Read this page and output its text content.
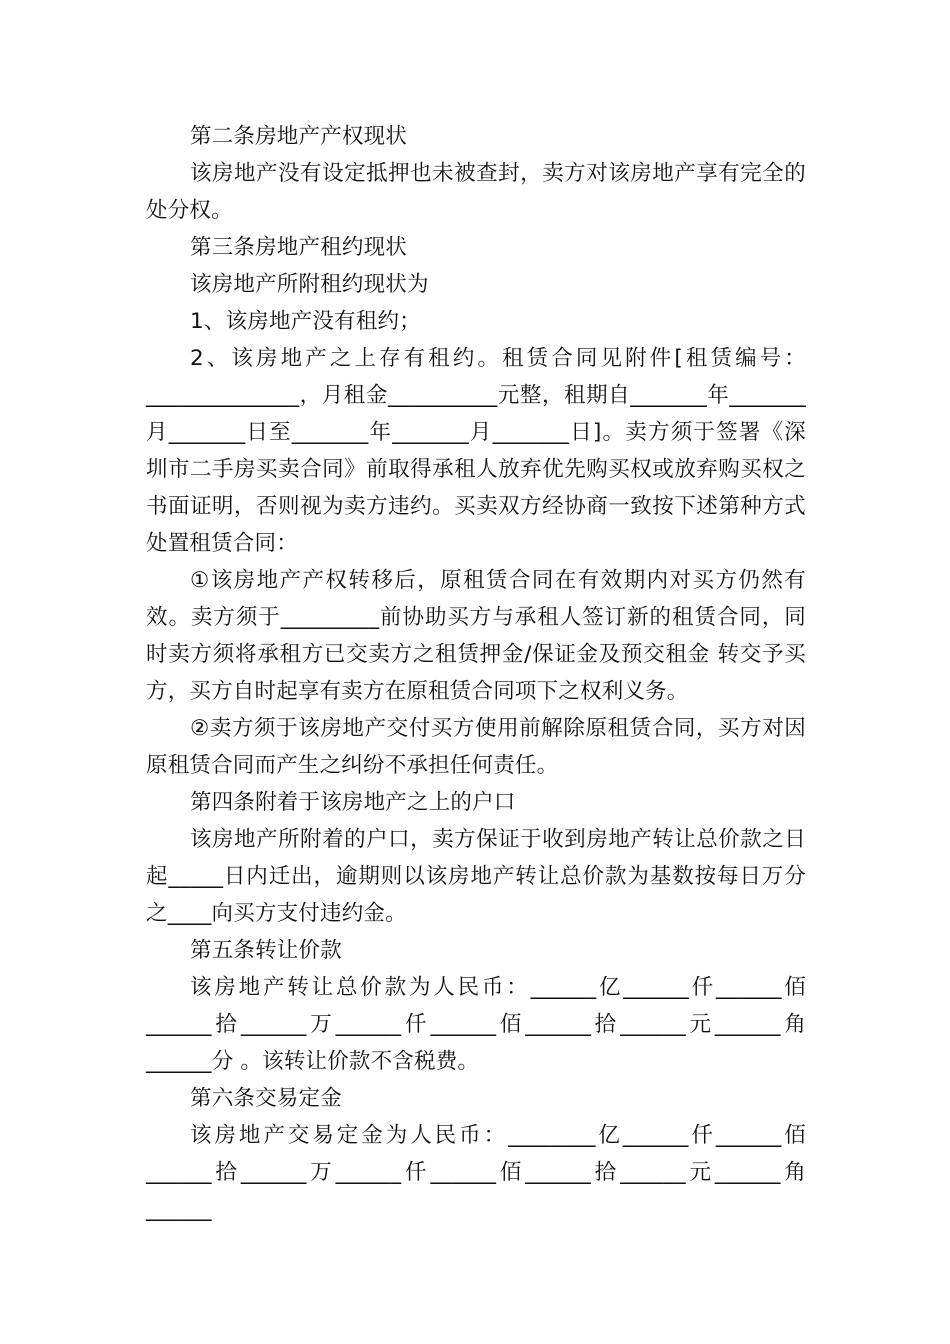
第二条房地产产权现状

该房地产没有设定抵押也未被查封，卖方对该房地产享有完全的处分权。

第三条房地产租约现状

该房地产所附租约现状为

1、该房地产没有租约；

2、该房地产之上存有租约。租赁合同见附件[租赁编号：______________，月租金__________元整，租期自_______年_______月_______日至_______年_______月_______日]。卖方须于签署《深圳市二手房买卖合同》前取得承租人放弃优先购买权或放弃购买权之书面证明，否则视为卖方违约。买卖双方经协商一致按下述第种方式处置租赁合同：

①该房地产产权转移后，原租赁合同在有效期内对买方仍然有效。卖方须于_________前协助买方与承租人签订新的租赁合同，同时卖方须将承租方已交卖方之租赁押金/保证金及预交租金 转交予买方，买方自时起享有卖方在原租赁合同项下之权利义务。

②卖方须于该房地产交付买方使用前解除原租赁合同，买方对因原租赁合同而产生之纠纷不承担任何责任。

第四条附着于该房地产之上的户口

该房地产所附着的户口，卖方保证于收到房地产转让总价款之日起_____日内迁出，逾期则以该房地产转让总价款为基数按每日万分之____向买方支付违约金。

第五条转让价款

该房地产转让总价款为人民币：______亿______仟______佰______拾______万______仟______佰______拾______元______角______分 。该转让价款不含税费。

第六条交易定金

该房地产交易定金为人民币：________亿______仟______佰______拾______万______仟______佰______拾______元______角______
